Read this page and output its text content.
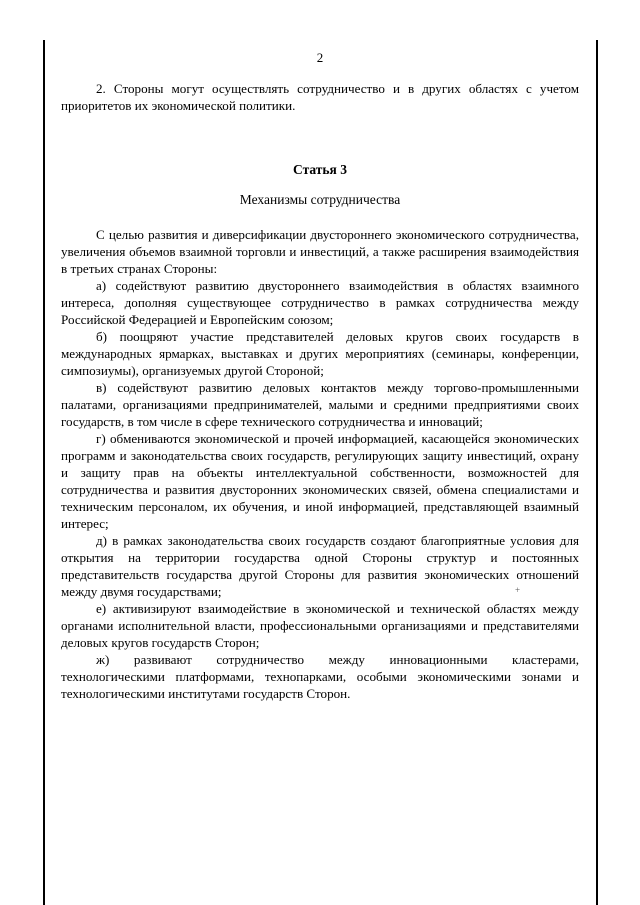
2

2. Стороны могут осуществлять сотрудничество и в других областях с учетом приоритетов их экономической политики.

Статья 3

Механизмы сотрудничества

С целью развития и диверсификации двустороннего экономического сотрудничества, увеличения объемов взаимной торговли и инвестиций, а также расширения взаимодействия в третьих странах Стороны:

а) содействуют развитию двустороннего взаимодействия в областях взаимного интереса, дополняя существующее сотрудничество в рамках сотрудничества между Российской Федерацией и Европейским союзом;

б) поощряют участие представителей деловых кругов своих государств в международных ярмарках, выставках и других мероприятиях (семинары, конференции, симпозиумы), организуемых другой Стороной;

в) содействуют развитию деловых контактов между торгово-промышленными палатами, организациями предпринимателей, малыми и средними предприятиями своих государств, в том числе в сфере технического сотрудничества и инноваций;

г) обмениваются экономической и прочей информацией, касающейся экономических программ и законодательства своих государств, регулирующих защиту инвестиций, охрану и защиту прав на объекты интеллектуальной собственности, возможностей для сотрудничества и развития двусторонних экономических связей, обмена специалистами и техническим персоналом, их обучения, и иной информацией, представляющей взаимный интерес;

д) в рамках законодательства своих государств создают благоприятные условия для открытия на территории государства одной Стороны структур и постоянных представительств государства другой Стороны для развития экономических отношений между двумя государствами;

е) активизируют взаимодействие в экономической и технической областях между органами исполнительной власти, профессиональными организациями и представителями деловых кругов государств Сторон;

ж) развивают сотрудничество между инновационными кластерами, технологическими платформами, технопарками, особыми экономическими зонами и технологическими институтами государств Сторон.

+
